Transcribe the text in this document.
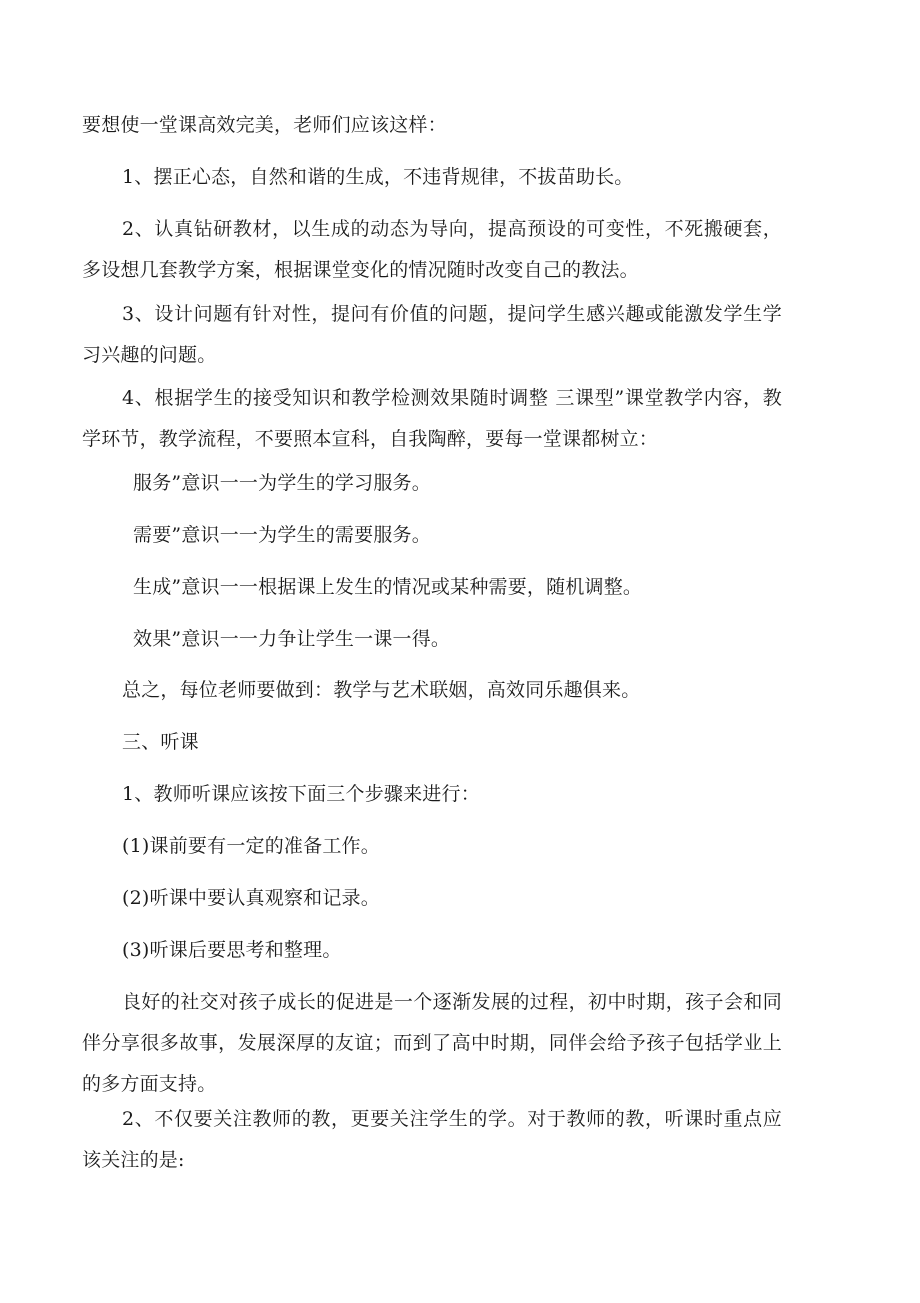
要想使一堂课高效完美，老师们应该这样：

1、摆正心态，自然和谐的生成，不违背规律，不拔苗助长。

2、认真钻研教材，以生成的动态为导向，提高预设的可变性，不死搬硬套，多设想几套教学方案，根据课堂变化的情况随时改变自己的教法。

3、设计问题有针对性，提问有价值的问题，提问学生感兴趣或能激发学生学习兴趣的问题。

4、根据学生的接受知识和教学检测效果随时调整 三课型”课堂教学内容，教学环节，教学流程，不要照本宣科，自我陶醉，要每一堂课都树立：

服务”意识一一为学生的学习服务。

需要”意识一一为学生的需要服务。

生成”意识一一根据课上发生的情况或某种需要，随机调整。

效果”意识一一力争让学生一课一得。

总之，每位老师要做到：教学与艺术联姻，高效同乐趣俱来。

三、听课

1、教师听课应该按下面三个步骤来进行：

(1)课前要有一定的准备工作。

(2)听课中要认真观察和记录。

(3)听课后要思考和整理。

良好的社交对孩子成长的促进是一个逐渐发展的过程，初中时期，孩子会和同伴分享很多故事，发展深厚的友谊；而到了高中时期，同伴会给予孩子包括学业上的多方面支持。

2、不仅要关注教师的教，更要关注学生的学。对于教师的教，听课时重点应该关注的是:
